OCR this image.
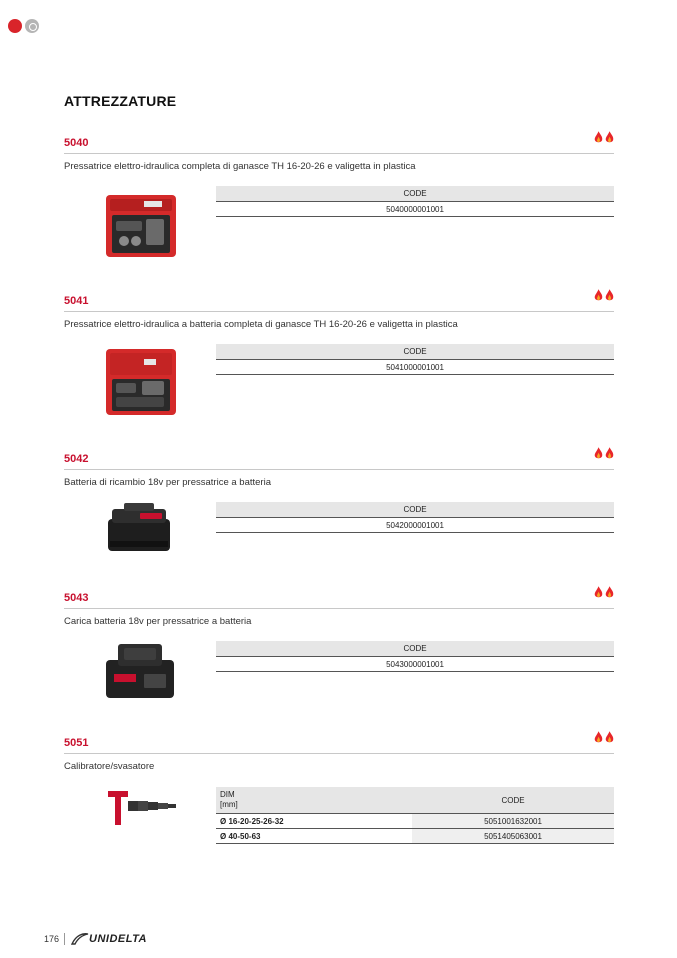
ATTREZZATURE
5040
Pressatrice elettro-idraulica completa di ganasce TH 16-20-26 e valigetta in plastica
CODE
5040000001001
5041
Pressatrice elettro-idraulica a batteria completa di ganasce TH 16-20-26 e valigetta in plastica
CODE
5041000001001
5042
Batteria di ricambio 18v per pressatrice a batteria
CODE
5042000001001
5043
Carica batteria 18v per pressatrice a batteria
CODE
5043000001001
5051
Calibratore/svasatore
DIM
[mm]	CODE
Ø 16-20-25-26-32	5051001632001
Ø 40-50-63	5051405063001
176	UNIDELTA
